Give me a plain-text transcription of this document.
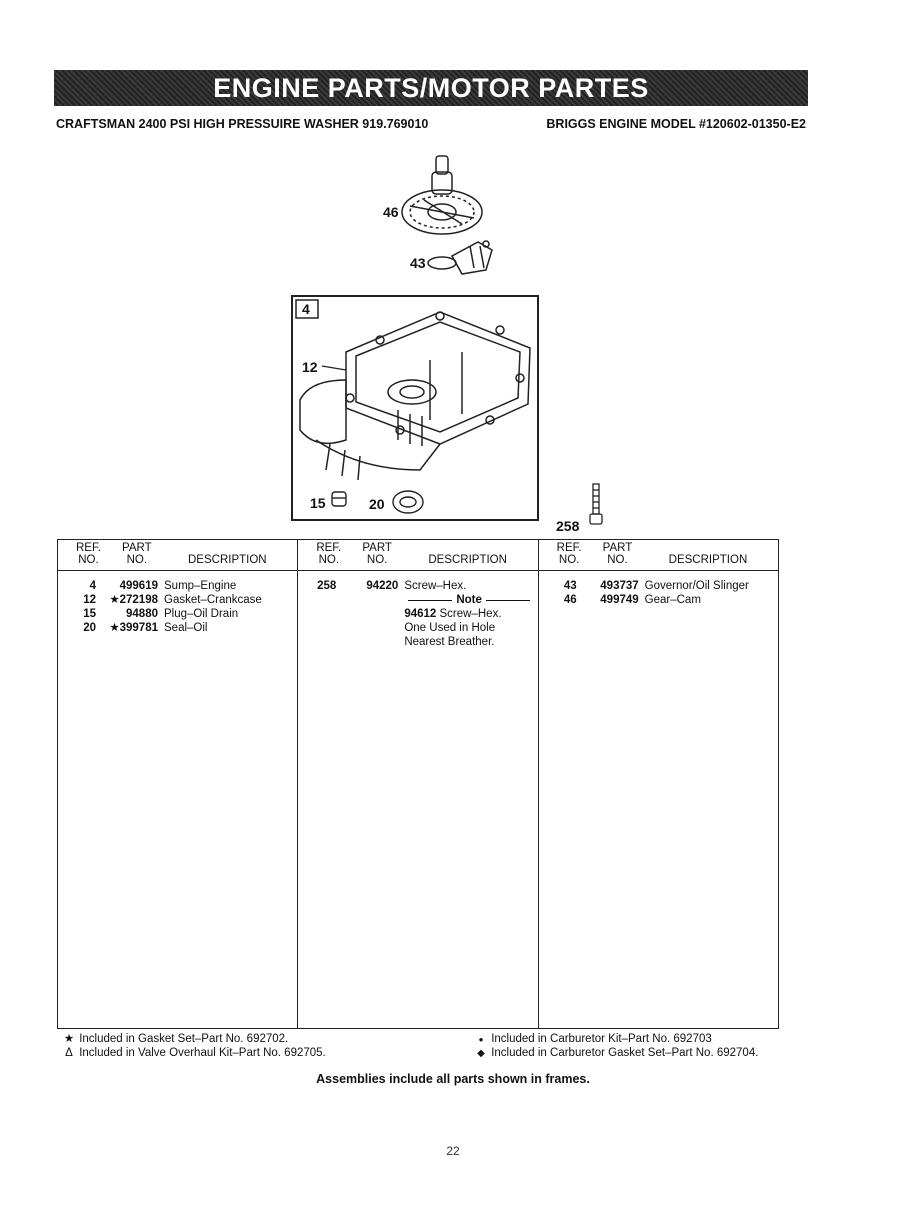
ENGINE PARTS/MOTOR PARTES
CRAFTSMAN 2400 PSI HIGH PRESSUIRE WASHER 919.769010	BRIGGS ENGINE MODEL #120602-01350-E2
46
43
4
12
15	20
258
REF.
NO.
PART
NO.	DESCRIPTION
4	499619 Sump–Engine
12	★272198 Gasket–Crankcase
15	94880 Plug–Oil Drain
20	★399781 Seal–Oil
REF.
NO.
PART
NO.	DESCRIPTION
258	94220 Screw–Hex.
Note
94612 Screw–Hex.
One Used in Hole
Nearest Breather.
REF.
NO.
PART
NO.	DESCRIPTION
43	493737 Governor/Oil Slinger
46	499749 Gear–Cam
★ Included in Gasket Set–Part No. 692702.
Δ Included in Valve Overhaul Kit–Part No. 692705.
● Included in Carburetor Kit–Part No. 692703
◆ Included in Carburetor Gasket Set–Part No. 692704.
Assemblies include all parts shown in frames.
22
